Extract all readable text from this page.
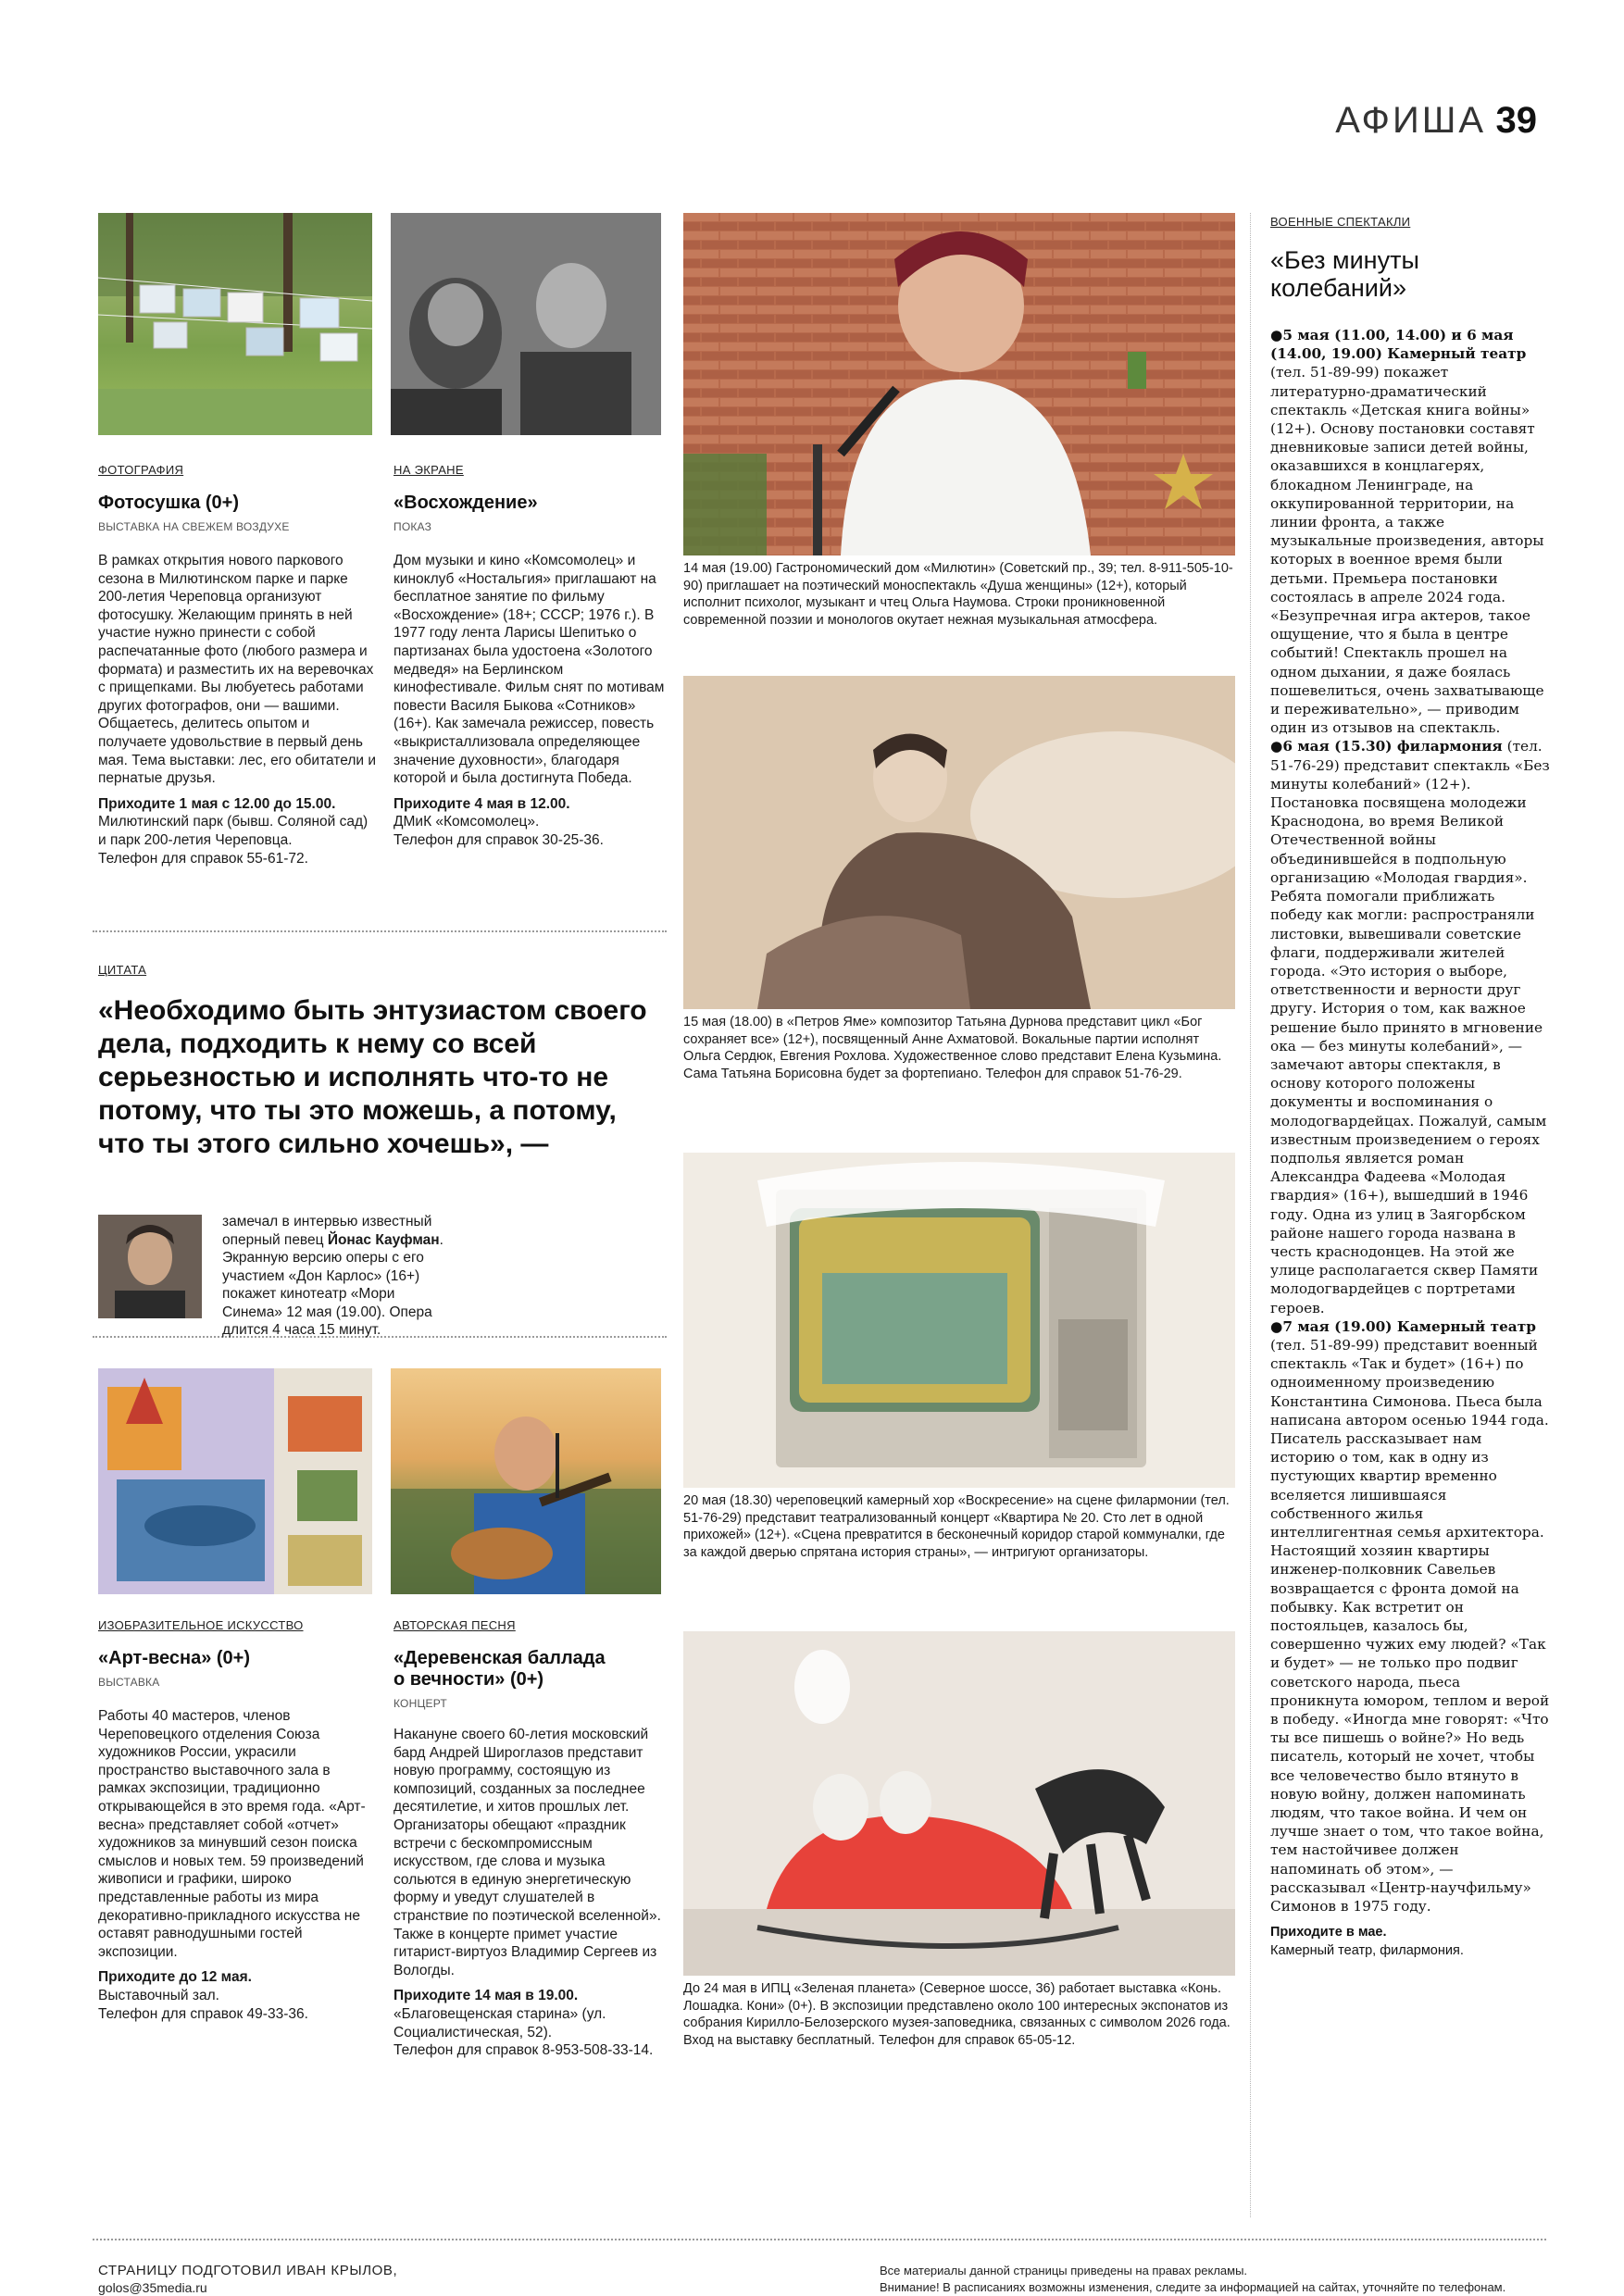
АФИША 39
ФОТОГРАФИЯ
Фотосушка (0+)
ВЫСТАВКА НА СВЕЖЕМ ВОЗДУХЕ

В рамках открытия нового паркового сезона в Милютинском парке и парке 200-летия Череповца организуют фотосушку. Желающим принять в ней участие нужно принести с собой распечатанные фото (любого размера и формата) и разместить их на веревочках с прищепками. Вы любуетесь работами других фотографов, они — вашими. Общаетесь, делитесь опытом и получаете удовольствие в первый день мая. Тема выставки: лес, его обитатели и пернатые друзья.

Приходите 1 мая с 12.00 до 15.00.

Милютинский парк (бывш. Соляной сад) и парк 200-летия Череповца.

Телефон для справок 55-61-72.

НА ЭКРАНЕ
«Восхождение»
ПОКАЗ

Дом музыки и кино «Комсомолец» и киноклуб «Ностальгия» приглашают на бесплатное занятие по фильму «Восхождение» (18+; СССР; 1976 г.). В 1977 году лента Ларисы Шепитько о партизанах была удостоена «Золотого медведя» на Берлинском кинофестивале. Фильм снят по мотивам повести Василя Быкова «Сотников» (16+). Как замечала режиссер, повесть «выкристаллизовала определяющее значение духовности», благодаря которой и была достигнута Победа.

Приходите 4 мая в 12.00.

ДМиК «Комсомолец».

Телефон для справок 30-25-36.

ЦИТАТА
«Необходимо быть энтузиастом своего дела, подходить к нему со всей серьезностью и исполнять что-то не потому, что ты это можешь, а потому, что ты этого сильно хочешь», —
замечал в интервью известный оперный певец Йонас Кауфман. Экранную версию оперы с его участием «Дон Карлос» (16+) покажет кинотеатр «Мори Синема» 12 мая (19.00). Опера длится 4 часа 15 минут.
ИЗОБРАЗИТЕЛЬНОЕ ИСКУССТВО
«Арт-весна» (0+)
ВЫСТАВКА

Работы 40 мастеров, членов Череповецкого отделения Союза художников России, украсили пространство выставочного зала в рамках экспозиции, традиционно открывающейся в это время года. «Арт-весна» представляет собой «отчет» художников за минувший сезон поиска смыслов и новых тем. 59 произведений живописи и графики, широко представленные работы из мира декоративно-прикладного искусства не оставят равнодушными гостей экспозиции.

Приходите до 12 мая.

Выставочный зал.

Телефон для справок 49-33-36.

АВТОРСКАЯ ПЕСНЯ
«Деревенская баллада
о вечности» (0+)
КОНЦЕРТ

Накануне своего 60-летия московский бард Андрей Широглазов представит новую программу, состоящую из композиций, созданных за последнее десятилетие, и хитов прошлых лет. Организаторы обещают «праздник встречи с бескомпромиссным искусством, где слова и музыка сольются в единую энергетическую форму и уведут слушателей в странствие по поэтической вселенной». Также в концерте примет участие гитарист-виртуоз Владимир Сергеев из Вологды.

Приходите 14 мая в 19.00.

«Благовещенская старина» (ул. Социалистическая, 52).

Телефон для справок 8-953-508-33-14.

14 мая (19.00) Гастрономический дом «Милютин» (Советский пр., 39; тел. 8-911-505-10-90) приглашает на поэтический моноспектакль «Душа женщины» (12+), который исполнит психолог, музыкант и чтец Ольга Наумова. Строки проникновенной современной поэзии и монологов окутает нежная музыкальная атмосфера.
15 мая (18.00) в «Петров Яме» композитор Татьяна Дурнова представит цикл «Бог сохраняет все» (12+), посвященный Анне Ахматовой. Вокальные партии исполнят Ольга Сердюк, Евгения Рохлова. Художественное слово представит Елена Кузьмина. Сама Татьяна Борисовна будет за фортепиано. Телефон для справок 51-76-29.
20 мая (18.30) череповецкий камерный хор «Воскресение» на сцене филармонии (тел. 51-76-29) представит театрализованный концерт «Квартира № 20. Сто лет в одной прихожей» (12+). «Сцена превратится в бесконечный коридор старой коммуналки, где за каждой дверью спрятана история страны», — интригуют организаторы.
До 24 мая в ИПЦ «Зеленая планета» (Северное шоссе, 36) работает выставка «Конь. Лошадка. Кони» (0+). В экспозиции представлено около 100 интересных экспонатов из собрания Кирилло-Белозерского музея-заповедника, связанных с символом 2026 года. Вход на выставку бесплатный. Телефон для справок 65-05-12.
ВОЕННЫЕ СПЕКТАКЛИ
«Без минуты колебаний»
●5 мая (11.00, 14.00) и 6 мая (14.00, 19.00) Камерный театр (тел. 51-89-99) покажет литературно-драматический спектакль «Детская книга войны» (12+). Основу постановки составят дневниковые записи детей войны, оказавшихся в концлагерях, блокадном Ленинграде, на оккупированной территории, на линии фронта, а также музыкальные произведения, авторы которых в военное время были детьми. Премьера постановки состоялась в апреле 2024 года. «Безупречная игра актеров, такое ощущение, что я была в центре событий! Спектакль прошел на одном дыхании, я даже боялась пошевелиться, очень захватывающе и переживательно», — приводим один из отзывов на спектакль.
●6 мая (15.30) филармония (тел. 51-76-29) представит спектакль «Без минуты колебаний» (12+). Постановка посвящена молодежи Краснодона, во время Великой Отечественной войны объединившейся в подпольную организацию «Молодая гвардия». Ребята помогали приближать победу как могли: распространяли листовки, вывешивали советские флаги, поддерживали жителей города. «Это история о выборе, ответственности и верности друг другу. История о том, как важное решение было принято в мгновение ока — без минуты колебаний», — замечают авторы спектакля, в основу которого положены документы и воспоминания о молодогвардейцах. Пожалуй, самым известным произведением о героях подполья является роман Александра Фадеева «Молодая гвардия» (16+), вышедший в 1946 году. Одна из улиц в Заягорбском районе нашего города названа в честь краснодонцев. На этой же улице располагается сквер Памяти молодогвардейцев с портретами героев.
●7 мая (19.00) Камерный театр (тел. 51-89-99) представит военный спектакль «Так и будет» (16+) по одноименному произведению Константина Симонова. Пьеса была написана автором осенью 1944 года. Писатель рассказывает нам историю о том, как в одну из пустующих квартир временно вселяется лишившаяся собственного жилья интеллигентная семья архитектора. Настоящий хозяин квартиры инженер-полковник Савельев возвращается с фронта домой на побывку. Как встретит он постояльцев, казалось бы, совершенно чужих ему людей? «Так и будет» — не только про подвиг советского народа, пьеса проникнута юмором, теплом и верой в победу. «Иногда мне говорят: «Что ты все пишешь о войне?» Но ведь писатель, который не хочет, чтобы все человечество было втянуто в новую войну, должен напоминать людям, что такое война. И чем он лучше знает о том, что такое война, тем настойчивее должен напоминать об этом», — рассказывал «Центр-научфильму» Симонов в 1975 году.
Приходите в мае.
Камерный театр, филармония.
СТРАНИЦУ ПОДГОТОВИЛ ИВАН КРЫЛОВ,
golos@35media.ru
Все материалы данной страницы приведены на правах рекламы.
Внимание! В расписаниях возможны изменения, следите за информацией на сайтах, уточняйте по телефонам.
